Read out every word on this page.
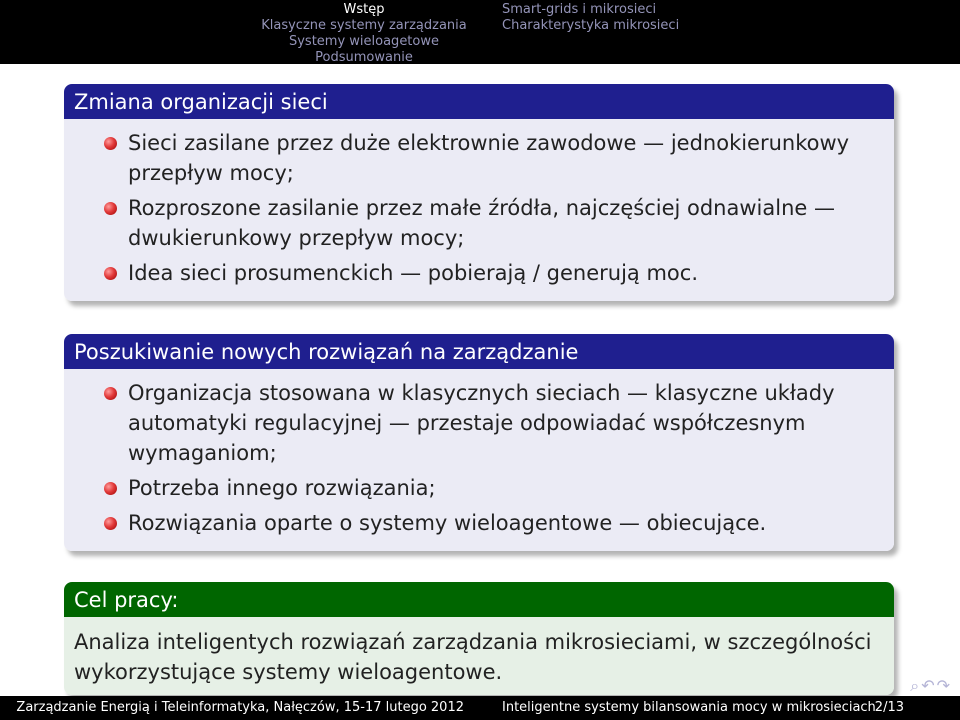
Wstęp
Klasyczne systemy zarządzania
Systemy wieloagetowe
Podsumowanie
Smart-grids i mikrosieci
Charakterystyka mikrosieci
Zmiana organizacji sieci
Sieci zasilane przez duże elektrownie zawodowe — jednokierunkowy przepływ mocy;
Rozproszone zasilanie przez małe źródła, najczęściej odnawialne — dwukierunkowy przepływ mocy;
Idea sieci prosumenckich — pobierają / generują moc.
Poszukiwanie nowych rozwiązań na zarządzanie
Organizacja stosowana w klasycznych sieciach — klasyczne układy automatyki regulacyjnej — przestaje odpowiadać współczesnym wymaganiom;
Potrzeba innego rozwiązania;
Rozwiązania oparte o systemy wieloagentowe — obiecujące.
Cel pracy:
Analiza inteligentych rozwiązań zarządzania mikrosieciami, w szczególności wykorzystujące systemy wieloagentowe.
⌕↶↷
Zarządzanie Energią i Teleinformatyka, Nałęczów, 15-17 lutego 2012	Inteligentne systemy bilansowania mocy w mikrosieciach 2/13
